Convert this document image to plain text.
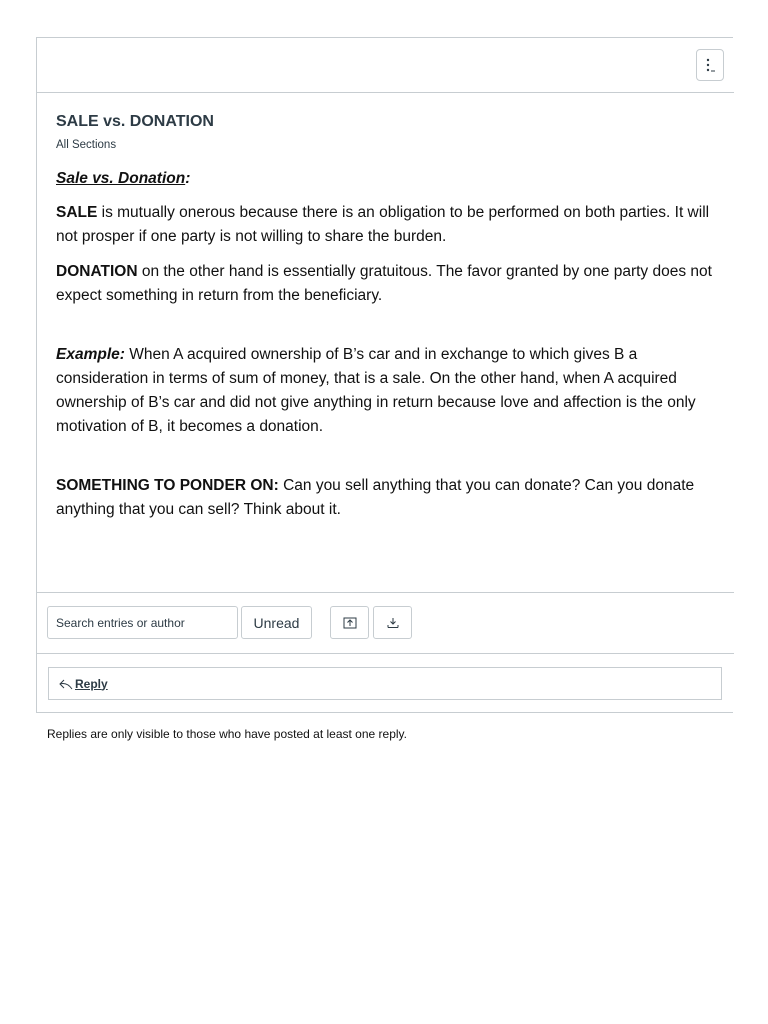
SALE vs. DONATION
All Sections

Sale vs. Donation:

SALE is mutually onerous because there is an obligation to be performed on both parties. It will not prosper if one party is not willing to share the burden.

DONATION on the other hand is essentially gratuitous. The favor granted by one party does not expect something in return from the beneficiary.

Example: When A acquired ownership of B’s car and in exchange to which gives B a consideration in terms of sum of money, that is a sale. On the other hand, when A acquired ownership of B’s car and did not give anything in return because love and affection is the only motivation of B, it becomes a donation.

SOMETHING TO PONDER ON: Can you sell anything that you can donate? Can you donate anything that you can sell? Think about it.

Search entries or author
Unread
Reply
Replies are only visible to those who have posted at least one reply.
